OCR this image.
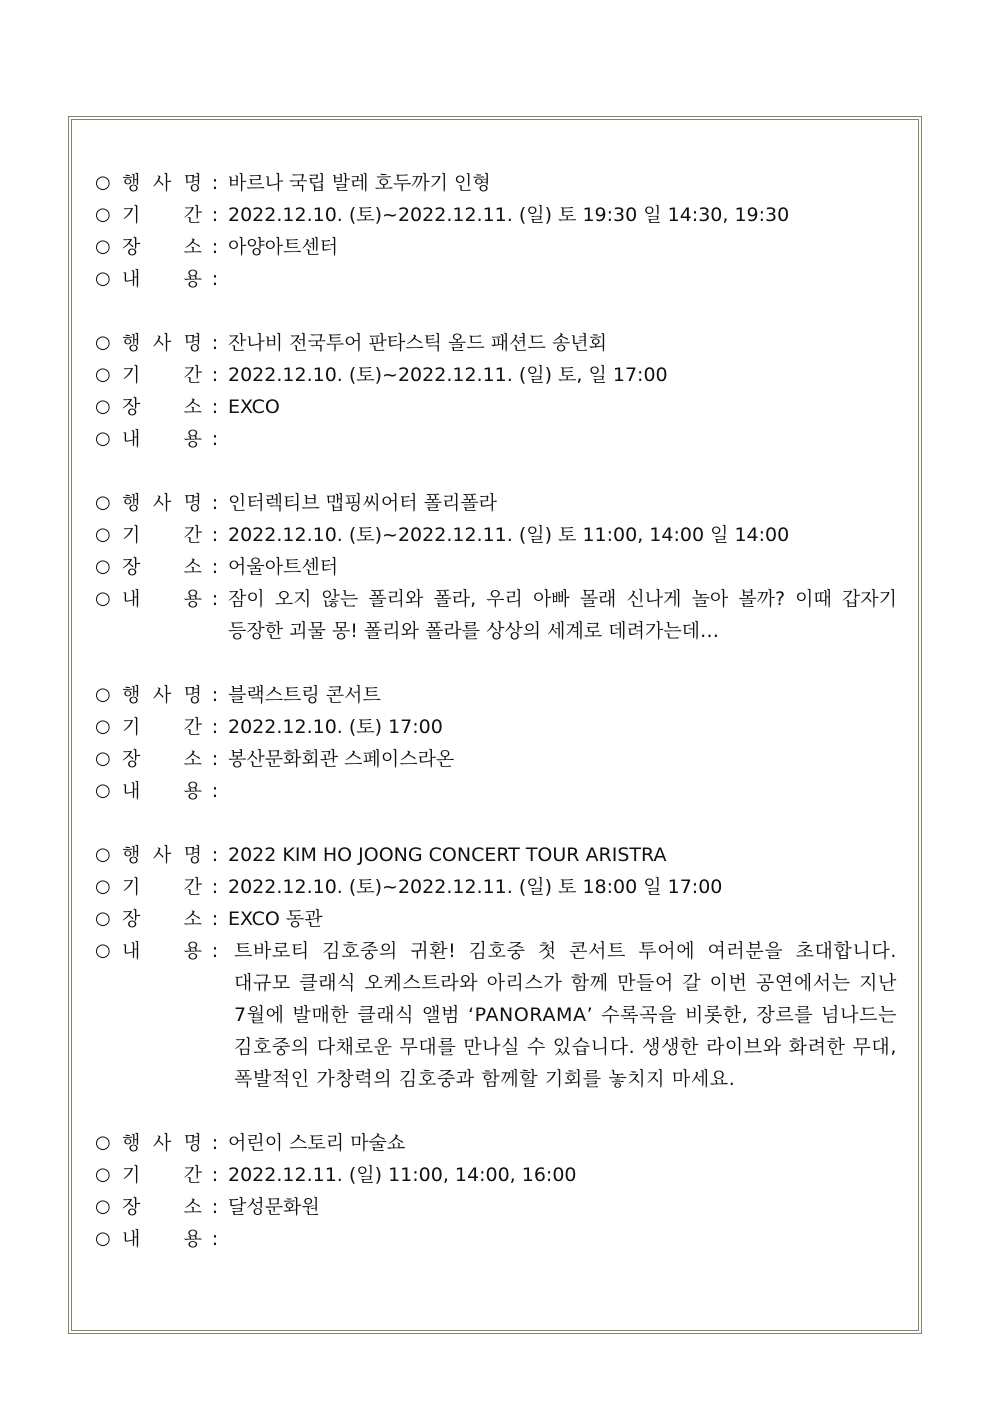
○ 행 사 명 : 바르나 국립 발레 호두까기 인형
○ 기 간 : 2022.12.10. (토)~2022.12.11. (일) 토 19:30 일 14:30, 19:30
○ 장 소 : 아양아트센터
○ 내 용 :
○ 행 사 명 : 잔나비 전국투어 판타스틱 올드 패션드 송년회
○ 기 간 : 2022.12.10. (토)~2022.12.11. (일) 토, 일 17:00
○ 장 소 : EXCO
○ 내 용 :
○ 행 사 명 : 인터렉티브 맵핑씨어터 폴리폴라
○ 기 간 : 2022.12.10. (토)~2022.12.11. (일) 토 11:00, 14:00 일 14:00
○ 장 소 : 어울아트센터
○ 내 용 : 잠이 오지 않는 폴리와 폴라, 우리 아빠 몰래 신나게 놀아 볼까? 이때 갑자기 등장한 괴물 몽! 폴리와 폴라를 상상의 세계로 데려가는데…
○ 행 사 명 : 블랙스트링 콘서트
○ 기 간 : 2022.12.10. (토) 17:00
○ 장 소 : 봉산문화회관 스페이스라온
○ 내 용 :
○ 행 사 명 : 2022 KIM HO JOONG CONCERT TOUR ARISTRA
○ 기 간 : 2022.12.10. (토)~2022.12.11. (일) 토 18:00 일 17:00
○ 장 소 : EXCO 동관
○ 내 용 : 트바로티 김호중의 귀환! 김호중 첫 콘서트 투어에 여러분을 초대합니다. 대규모 클래식 오케스트라와 아리스가 함께 만들어 갈 이번 공연에서는 지난 7월에 발매한 클래식 앨범 ‘PANORAMA’ 수록곡을 비롯한, 장르를 넘나드는 김호중의 다채로운 무대를 만나실 수 있습니다. 생생한 라이브와 화려한 무대, 폭발적인 가창력의 김호중과 함께할 기회를 놓치지 마세요.
○ 행 사 명 : 어린이 스토리 마술쇼
○ 기 간 : 2022.12.11. (일) 11:00, 14:00, 16:00
○ 장 소 : 달성문화원
○ 내 용 :
